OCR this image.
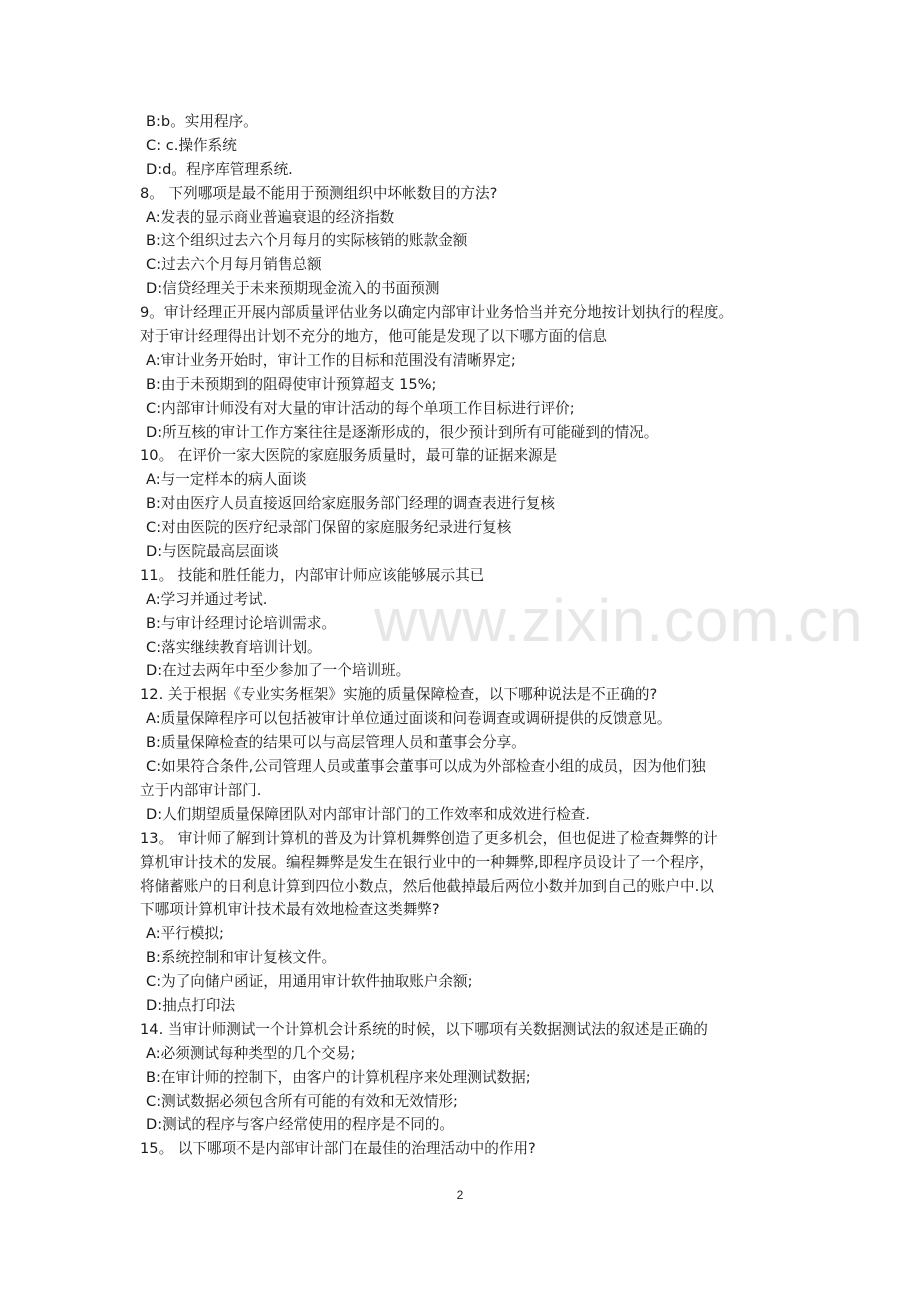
B:b。实用程序。
C: c.操作系统
D:d。程序库管理系统.
8。 下列哪项是最不能用于预测组织中坏帐数目的方法?
A:发表的显示商业普遍衰退的经济指数
B:这个组织过去六个月每月的实际核销的账款金额
C:过去六个月每月销售总额
D:信贷经理关于未来预期现金流入的书面预测
9。审计经理正开展内部质量评估业务以确定内部审计业务恰当并充分地按计划执行的程度。
对于审计经理得出计划不充分的地方，他可能是发现了以下哪方面的信息
A:审计业务开始时，审计工作的目标和范围没有清晰界定;
B:由于未预期到的阻碍使审计预算超支 15%;
C:内部审计师没有对大量的审计活动的每个单项工作目标进行评价;
D:所互核的审计工作方案往往是逐渐形成的，很少预计到所有可能碰到的情况。
10。 在评价一家大医院的家庭服务质量时，最可靠的证据来源是
A:与一定样本的病人面谈
B:对由医疗人员直接返回给家庭服务部门经理的调查表进行复核
C:对由医院的医疗纪录部门保留的家庭服务纪录进行复核
D:与医院最高层面谈
11。 技能和胜任能力，内部审计师应该能够展示其已
A:学习并通过考试.
B:与审计经理讨论培训需求。
C:落实继续教育培训计划。
D:在过去两年中至少参加了一个培训班。
12. 关于根据《专业实务框架》实施的质量保障检查，以下哪种说法是不正确的?
A:质量保障程序可以包括被审计单位通过面谈和问卷调查或调研提供的反馈意见。
B:质量保障检查的结果可以与高层管理人员和董事会分享。
C:如果符合条件,公司管理人员或董事会董事可以成为外部检查小组的成员，因为他们独
立于内部审计部门.
D:人们期望质量保障团队对内部审计部门的工作效率和成效进行检查.
13。 审计师了解到计算机的普及为计算机舞弊创造了更多机会，但也促进了检查舞弊的计
算机审计技术的发展。编程舞弊是发生在银行业中的一种舞弊,即程序员设计了一个程序，
将储蓄账户的日利息计算到四位小数点，然后他截掉最后两位小数并加到自己的账户中.以
下哪项计算机审计技术最有效地检查这类舞弊?
A:平行模拟;
B:系统控制和审计复核文件。
C:为了向储户函证，用通用审计软件抽取账户余额;
D:抽点打印法
14. 当审计师测试一个计算机会计系统的时候，以下哪项有关数据测试法的叙述是正确的
A:必须测试每种类型的几个交易;
B:在审计师的控制下，由客户的计算机程序来处理测试数据;
C:测试数据必须包含所有可能的有效和无效情形;
D:测试的程序与客户经常使用的程序是不同的。
15。 以下哪项不是内部审计部门在最佳的治理活动中的作用?
www.zixin.com.cn
2
